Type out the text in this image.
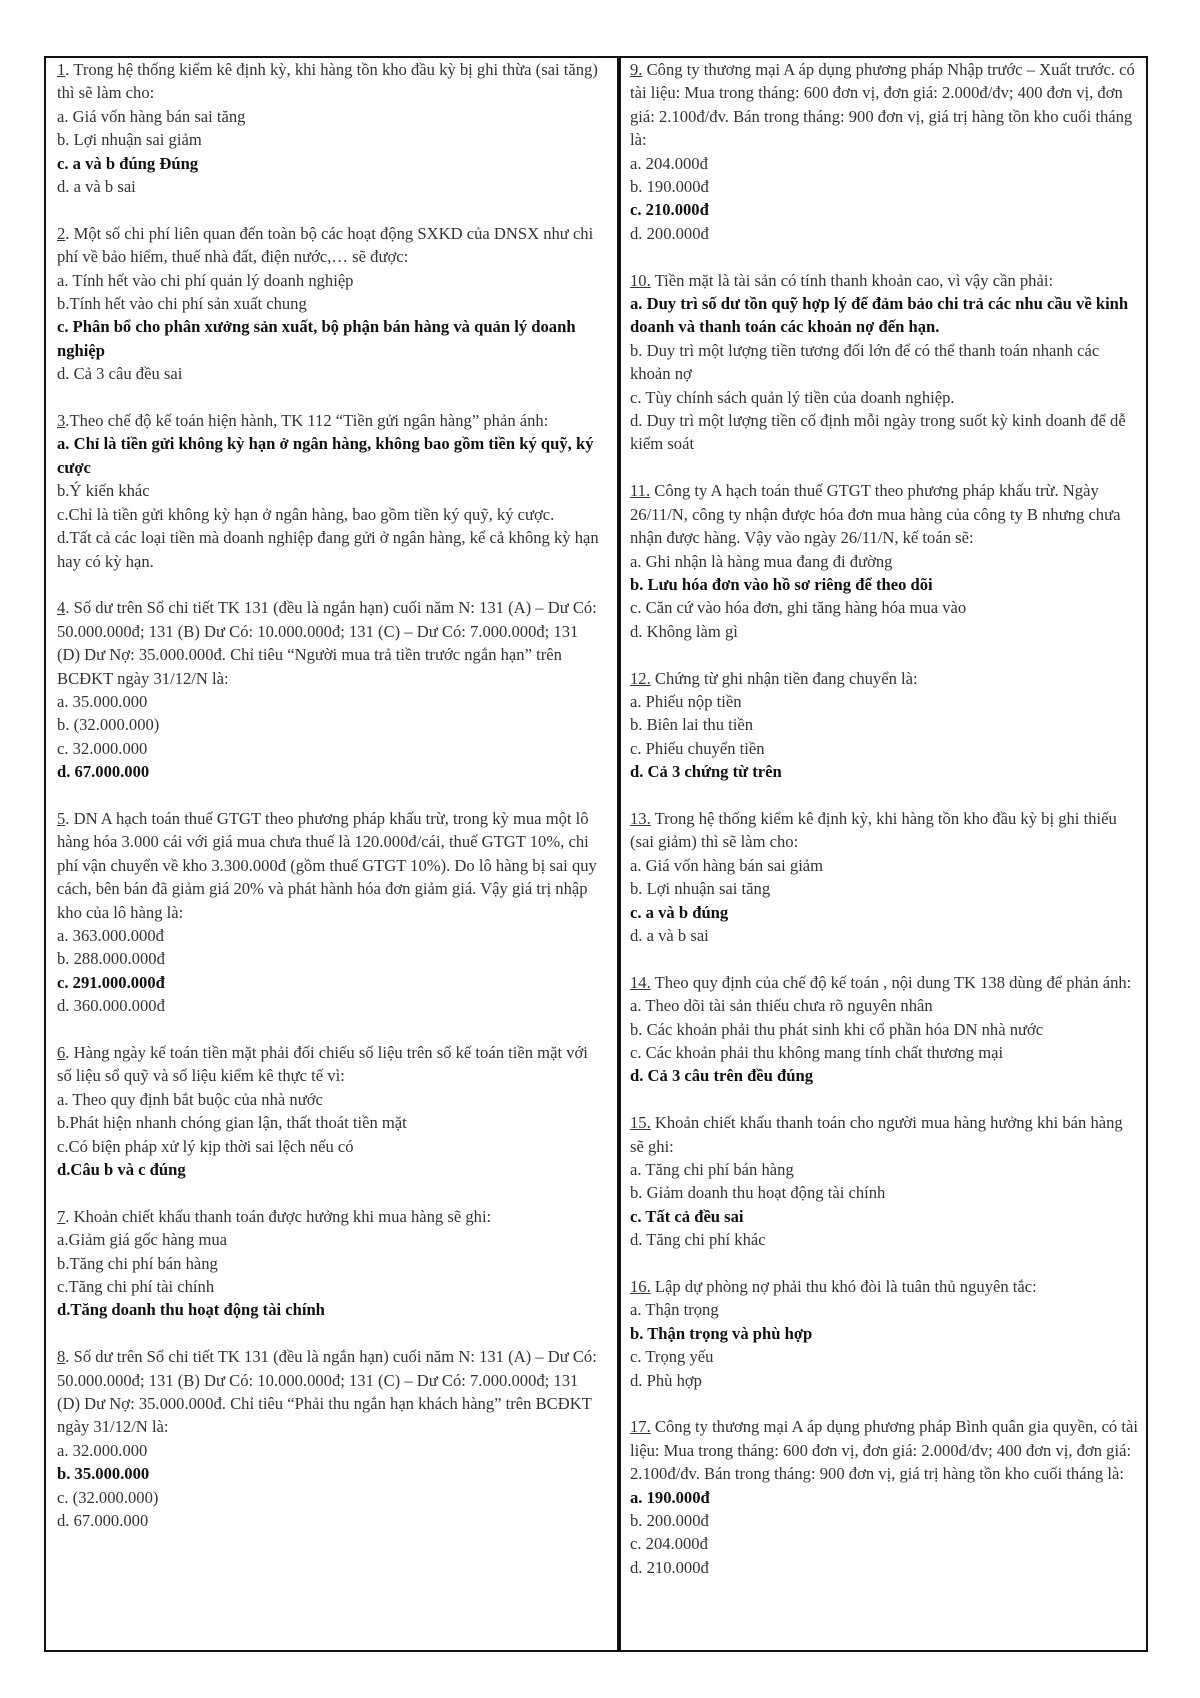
1. Trong hệ thống kiểm kê định kỳ, khi hàng tồn kho đầu kỳ bị ghi thừa (sai tăng) thì sẽ làm cho:
a. Giá vốn hàng bán sai tăng
b. Lợi nhuận sai giảm
c. a và b đúng Đúng
d. a và b sai
2. Một số chi phí liên quan đến toàn bộ các hoạt động SXKD của DNSX như chi phí về bảo hiểm, thuế nhà đất, điện nước,… sẽ được:
a. Tính hết vào chi phí quản lý doanh nghiệp
b.Tính hết vào chi phí sản xuất chung
c. Phân bổ cho phân xưởng sản xuất, bộ phận bán hàng và quản lý doanh nghiệp
d. Cả 3 câu đều sai
3.Theo chế độ kế toán hiện hành, TK 112 “Tiền gửi ngân hàng” phản ánh:
a. Chỉ là tiền gửi không kỳ hạn ở ngân hàng, không bao gồm tiền ký quỹ, ký cược
b.Ý kiến khác
c.Chỉ là tiền gửi không kỳ hạn ở ngân hàng, bao gồm tiền ký quỹ, ký cược.
d.Tất cả các loại tiền mà doanh nghiệp đang gửi ở ngân hàng, kể cả không kỳ hạn hay có kỳ hạn.
4. Số dư trên Sổ chi tiết TK 131 (đều là ngắn hạn) cuối năm N: 131 (A) – Dư Có: 50.000.000đ; 131 (B) Dư Có: 10.000.000đ; 131 (C) – Dư Có: 7.000.000đ; 131 (D) Dư Nợ: 35.000.000đ. Chỉ tiêu “Người mua trả tiền trước ngắn hạn” trên BCĐKT ngày 31/12/N là:
a. 35.000.000
b. (32.000.000)
c. 32.000.000
d. 67.000.000
5. DN A hạch toán thuế GTGT theo phương pháp khấu trừ, trong kỳ mua một lô hàng hóa 3.000 cái với giá mua chưa thuế là 120.000đ/cái, thuế GTGT 10%, chi phí vận chuyển về kho 3.300.000đ (gồm thuế GTGT 10%). Do lô hàng bị sai quy cách, bên bán đã giảm giá 20% và phát hành hóa đơn giảm giá. Vậy giá trị nhập kho của lô hàng là:
a. 363.000.000đ
b. 288.000.000đ
c. 291.000.000đ
d. 360.000.000đ
6. Hàng ngày kế toán tiền mặt phải đối chiếu số liệu trên sổ kế toán tiền mặt với số liệu sổ quỹ và số liệu kiểm kê thực tế vì:
a. Theo quy định bắt buộc của nhà nước
b.Phát hiện nhanh chóng gian lận, thất thoát tiền mặt
c.Có biện pháp xử lý kịp thời sai lệch nếu có
d.Câu b và c đúng
7. Khoản chiết khấu thanh toán được hưởng khi mua hàng sẽ ghi:
a.Giảm giá gốc hàng mua
b.Tăng chi phí bán hàng
c.Tăng chi phí tài chính
d.Tăng doanh thu hoạt động tài chính
8. Số dư trên Sổ chi tiết TK 131 (đều là ngắn hạn) cuối năm N: 131 (A) – Dư Có: 50.000.000đ; 131 (B) Dư Có: 10.000.000đ; 131 (C) – Dư Có: 7.000.000đ; 131 (D) Dư Nợ: 35.000.000đ. Chỉ tiêu “Phải thu ngắn hạn khách hàng” trên BCĐKT ngày 31/12/N là:
a. 32.000.000
b. 35.000.000
c. (32.000.000)
d. 67.000.000
9. Công ty thương mại A áp dụng phương pháp Nhập trước – Xuất trước. có tài liệu: Mua trong tháng: 600 đơn vị, đơn giá: 2.000đ/đv; 400 đơn vị, đơn giá: 2.100đ/đv. Bán trong tháng: 900 đơn vị, giá trị hàng tồn kho cuối tháng là:
a. 204.000đ
b. 190.000đ
c. 210.000đ
d. 200.000đ
10. Tiền mặt là tài sản có tính thanh khoản cao, vì vậy cần phải:
a. Duy trì số dư tồn quỹ hợp lý để đảm bảo chi trả các nhu cầu về kinh doanh và thanh toán các khoản nợ đến hạn.
b. Duy trì một lượng tiền tương đối lớn để có thể thanh toán nhanh các khoản nợ
c. Tùy chính sách quản lý tiền của doanh nghiệp.
d. Duy trì một lượng tiền cố định mỗi ngày trong suốt kỳ kinh doanh để dễ kiểm soát
11. Công ty A hạch toán thuế GTGT theo phương pháp khấu trừ. Ngày 26/11/N, công ty nhận được hóa đơn mua hàng của công ty B nhưng chưa nhận được hàng. Vậy vào ngày 26/11/N, kế toán sẽ:
a. Ghi nhận là hàng mua đang đi đường
b. Lưu hóa đơn vào hồ sơ riêng để theo dõi
c. Căn cứ vào hóa đơn, ghi tăng hàng hóa mua vào
d. Không làm gì
12. Chứng từ ghi nhận tiền đang chuyển là:
a. Phiếu nộp tiền
b. Biên lai thu tiền
c. Phiếu chuyển tiền
d. Cả 3 chứng từ trên
13. Trong hệ thống kiểm kê định kỳ, khi hàng tồn kho đầu kỳ bị ghi thiếu (sai giảm) thì sẽ làm cho:
a. Giá vốn hàng bán sai giảm
b. Lợi nhuận sai tăng
c. a và b đúng
d. a và b sai
14. Theo quy định của chế độ kế toán , nội dung TK 138 dùng để phản ánh:
a. Theo dõi tài sản thiếu chưa rõ nguyên nhân
b. Các khoản phải thu phát sinh khi cổ phần hóa DN nhà nước
c. Các khoản phải thu không mang tính chất thương mại
d. Cả 3 câu trên đều đúng
15. Khoản chiết khấu thanh toán cho người mua hàng hưởng khi bán hàng sẽ ghi:
a. Tăng chi phí bán hàng
b. Giảm doanh thu hoạt động tài chính
c. Tất cả đều sai
d. Tăng chi phí khác
16. Lập dự phòng nợ phải thu khó đòi là tuân thủ nguyên tắc:
a. Thận trọng
b. Thận trọng và phù hợp
c. Trọng yếu
d. Phù hợp
17. Công ty thương mại A áp dụng phương pháp Bình quân gia quyền, có tài liệu: Mua trong tháng: 600 đơn vị, đơn giá: 2.000đ/đv; 400 đơn vị, đơn giá: 2.100đ/đv. Bán trong tháng: 900 đơn vị, giá trị hàng tồn kho cuối tháng là:
a. 190.000đ
b. 200.000đ
c. 204.000đ
d. 210.000đ
